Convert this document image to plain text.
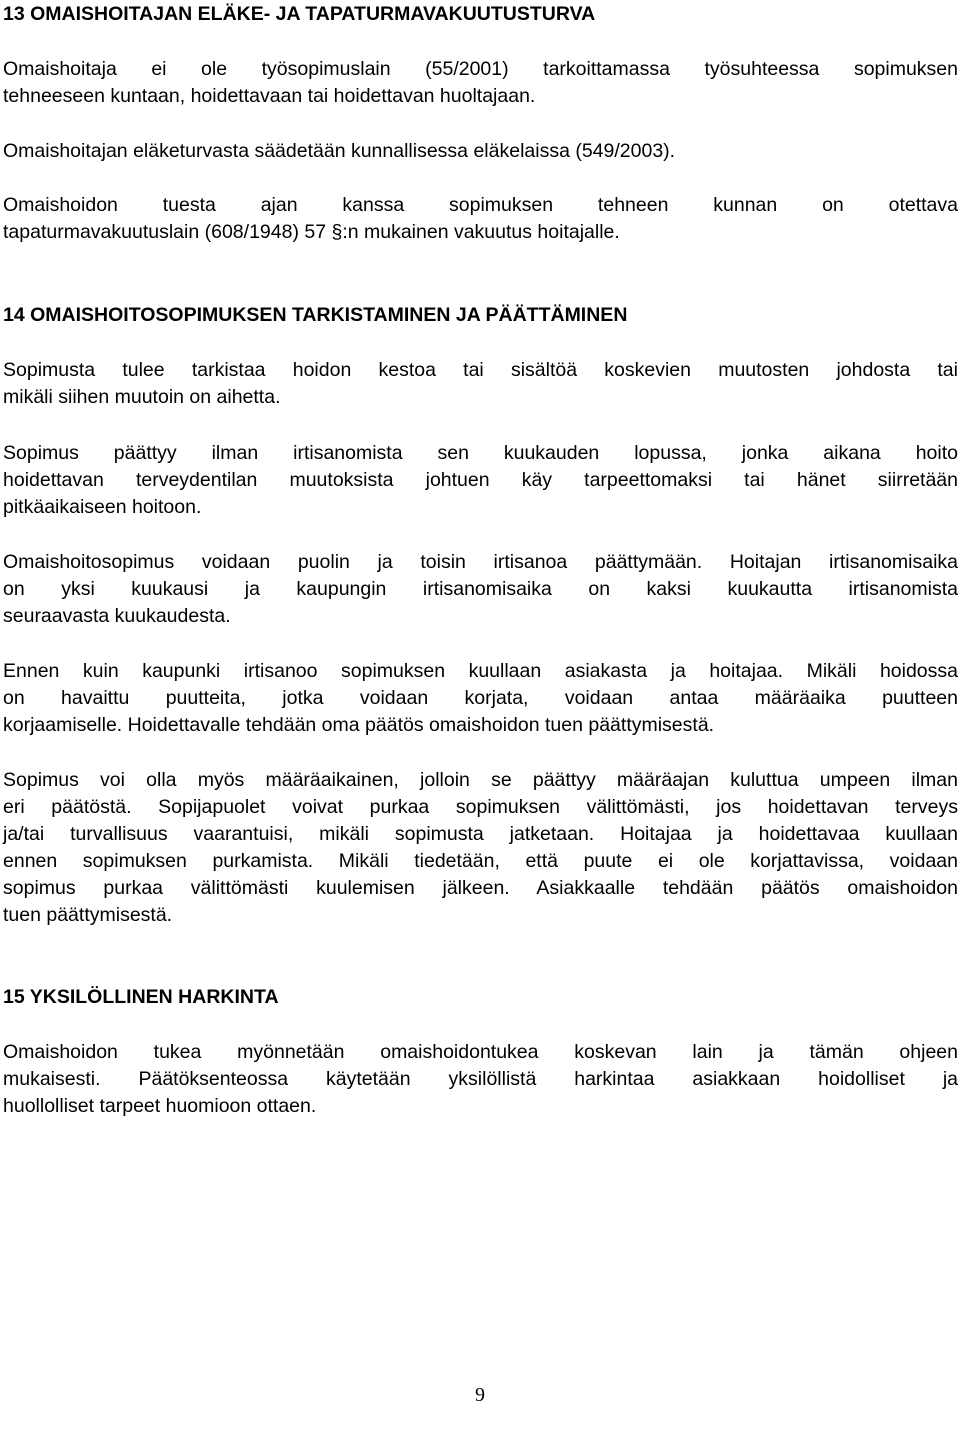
13 OMAISHOITAJAN ELÄKE- JA TAPATURMAVAKUUTUSTURVA

Omaishoitaja ei ole työsopimuslain (55/2001) tarkoittamassa työsuhteessa sopimuksen
tehneeseen kuntaan, hoidettavaan tai hoidettavan huoltajaan.

Omaishoitajan eläketurvasta säädetään kunnallisessa eläkelaissa (549/2003).

Omaishoidon tuesta ajan kanssa sopimuksen tehneen kunnan on otettava
tapaturmavakuutuslain (608/1948) 57 §:n mukainen vakuutus hoitajalle.

14 OMAISHOITOSOPIMUKSEN TARKISTAMINEN JA PÄÄTTÄMINEN

Sopimusta tulee tarkistaa hoidon kestoa tai sisältöä koskevien muutosten johdosta tai
mikäli siihen muutoin on aihetta.

Sopimus päättyy ilman irtisanomista sen kuukauden lopussa, jonka aikana hoito
hoidettavan terveydentilan muutoksista johtuen käy tarpeettomaksi tai hänet siirretään
pitkäaikaiseen hoitoon.

Omaishoitosopimus voidaan puolin ja toisin irtisanoa päättymään. Hoitajan irtisanomisaika
on yksi kuukausi ja kaupungin irtisanomisaika on kaksi kuukautta irtisanomista
seuraavasta kuukaudesta.

Ennen kuin kaupunki irtisanoo sopimuksen kuullaan asiakasta ja hoitajaa. Mikäli hoidossa
on havaittu puutteita, jotka voidaan korjata, voidaan antaa määräaika puutteen
korjaamiselle. Hoidettavalle tehdään oma päätös omaishoidon tuen päättymisestä.

Sopimus voi olla myös määräaikainen, jolloin se päättyy määräajan kuluttua umpeen ilman
eri päätöstä. Sopijapuolet voivat purkaa sopimuksen välittömästi, jos hoidettavan terveys
ja/tai turvallisuus vaarantuisi, mikäli sopimusta jatketaan. Hoitajaa ja hoidettavaa kuullaan
ennen sopimuksen purkamista. Mikäli tiedetään, että puute ei ole korjattavissa, voidaan
sopimus purkaa välittömästi kuulemisen jälkeen. Asiakkaalle tehdään päätös omaishoidon
tuen päättymisestä.

15 YKSILÖLLINEN HARKINTA

Omaishoidon tukea myönnetään omaishoidontukea koskevan lain ja tämän ohjeen
mukaisesti. Päätöksenteossa käytetään yksilöllistä harkintaa asiakkaan hoidolliset ja
huollolliset tarpeet huomioon ottaen.

9
